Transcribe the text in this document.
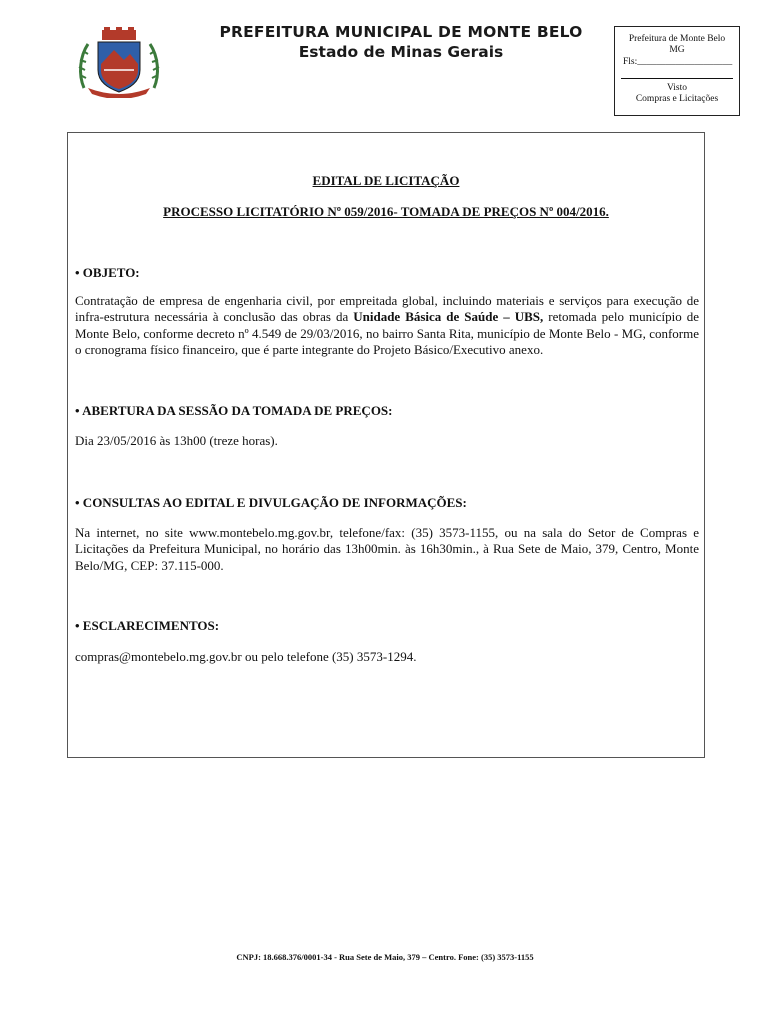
PREFEITURA MUNICIPAL DE MONTE BELO
Estado de Minas Gerais
Prefeitura de Monte Belo MG
Fls:____________________
Visto
Compras e Licitações
EDITAL DE LICITAÇÃO
PROCESSO LICITATÓRIO Nº 059/2016- TOMADA DE PREÇOS Nº 004/2016.
• OBJETO:
Contratação de empresa de engenharia civil, por empreitada global, incluindo materiais e serviços para execução de infra-estrutura necessária à conclusão das obras da Unidade Básica de Saúde – UBS, retomada pelo município de Monte Belo, conforme decreto nº 4.549 de 29/03/2016, no bairro Santa Rita, município de Monte Belo - MG, conforme o cronograma físico financeiro, que é parte integrante do Projeto Básico/Executivo anexo.
• ABERTURA DA SESSÃO DA TOMADA DE PREÇOS:
Dia 23/05/2016 às 13h00 (treze horas).
• CONSULTAS AO EDITAL E DIVULGAÇÃO DE INFORMAÇÕES:
Na internet, no site www.montebelo.mg.gov.br, telefone/fax: (35) 3573-1155, ou na sala do Setor de Compras e Licitações da Prefeitura Municipal, no horário das 13h00min. às 16h30min., à Rua Sete de Maio, 379, Centro, Monte Belo/MG, CEP: 37.115-000.
• ESCLARECIMENTOS:
compras@montebelo.mg.gov.br ou pelo telefone (35) 3573-1294.
CNPJ: 18.668.376/0001-34 - Rua Sete de Maio, 379 – Centro. Fone: (35) 3573-1155
